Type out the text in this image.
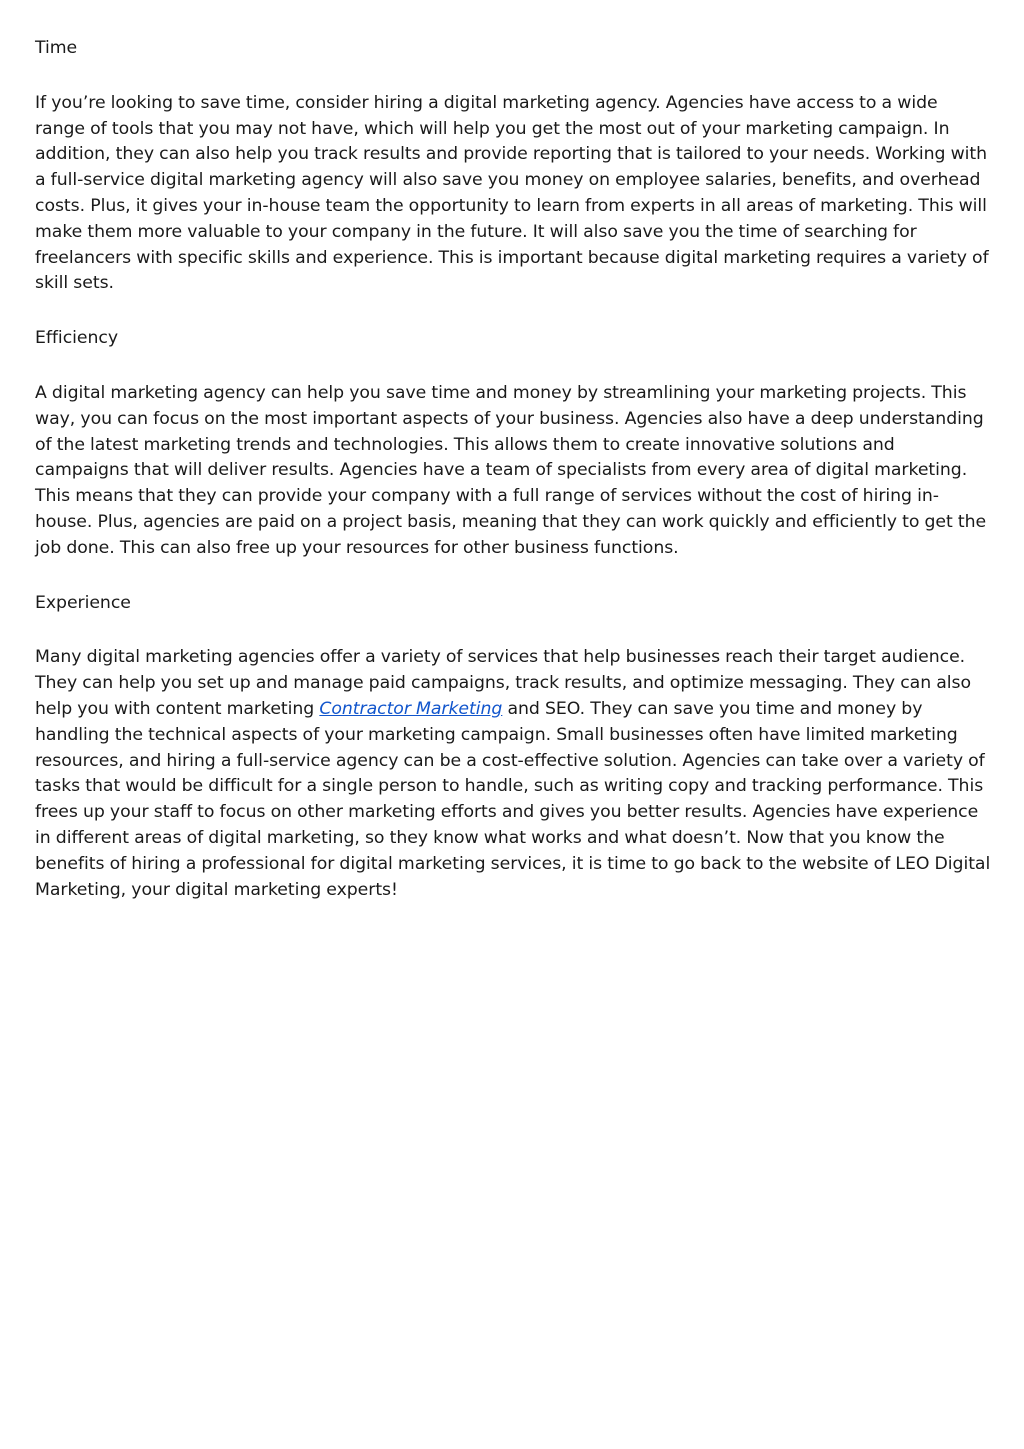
Time

If you’re looking to save time, consider hiring a digital marketing agency. Agencies have access to a wide range of tools that you may not have, which will help you get the most out of your marketing campaign. In addition, they can also help you track results and provide reporting that is tailored to your needs. Working with a full-service digital marketing agency will also save you money on employee salaries, benefits, and overhead costs. Plus, it gives your in-house team the opportunity to learn from experts in all areas of marketing. This will make them more valuable to your company in the future. It will also save you the time of searching for freelancers with specific skills and experience. This is important because digital marketing requires a variety of skill sets.

Efficiency

A digital marketing agency can help you save time and money by streamlining your marketing projects. This way, you can focus on the most important aspects of your business. Agencies also have a deep understanding of the latest marketing trends and technologies. This allows them to create innovative solutions and campaigns that will deliver results. Agencies have a team of specialists from every area of digital marketing. This means that they can provide your company with a full range of services without the cost of hiring in-house. Plus, agencies are paid on a project basis, meaning that they can work quickly and efficiently to get the job done. This can also free up your resources for other business functions.

Experience

Many digital marketing agencies offer a variety of services that help businesses reach their target audience. They can help you set up and manage paid campaigns, track results, and optimize messaging. They can also help you with content marketing Contractor Marketing and SEO. They can save you time and money by handling the technical aspects of your marketing campaign. Small businesses often have limited marketing resources, and hiring a full-service agency can be a cost-effective solution. Agencies can take over a variety of tasks that would be difficult for a single person to handle, such as writing copy and tracking performance. This frees up your staff to focus on other marketing efforts and gives you better results. Agencies have experience in different areas of digital marketing, so they know what works and what doesn’t. Now that you know the benefits of hiring a professional for digital marketing services, it is time to go back to the website of LEO Digital Marketing, your digital marketing experts!
